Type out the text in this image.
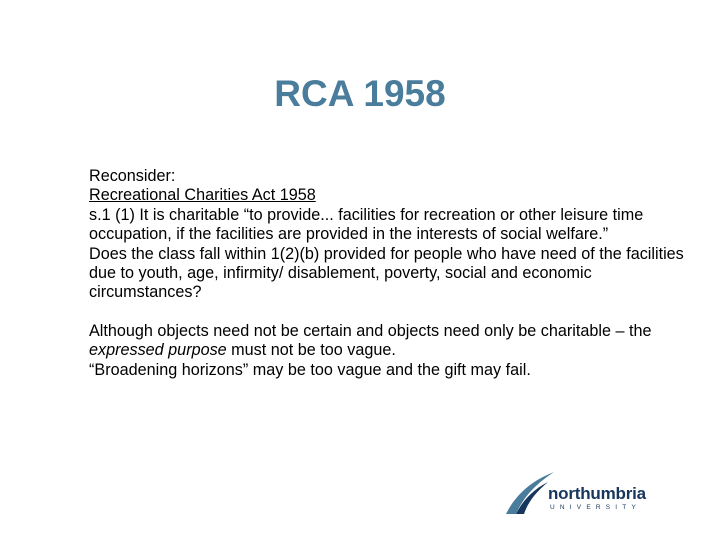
RCA 1958

Reconsider:

Recreational Charities Act 1958

s.1 (1) It is charitable “to provide... facilities for recreation or other leisure time occupation, if the facilities are provided in the interests of social welfare.”

Does the class fall within 1(2)(b) provided for people who have need of the facilities due to youth, age, infirmity/ disablement, poverty, social and economic circumstances?

Although objects need not be certain and objects need only be charitable – the expressed purpose must not be too vague.

“Broadening horizons” may be too vague and the gift may fail.

northumbria
UNIVERSITY
